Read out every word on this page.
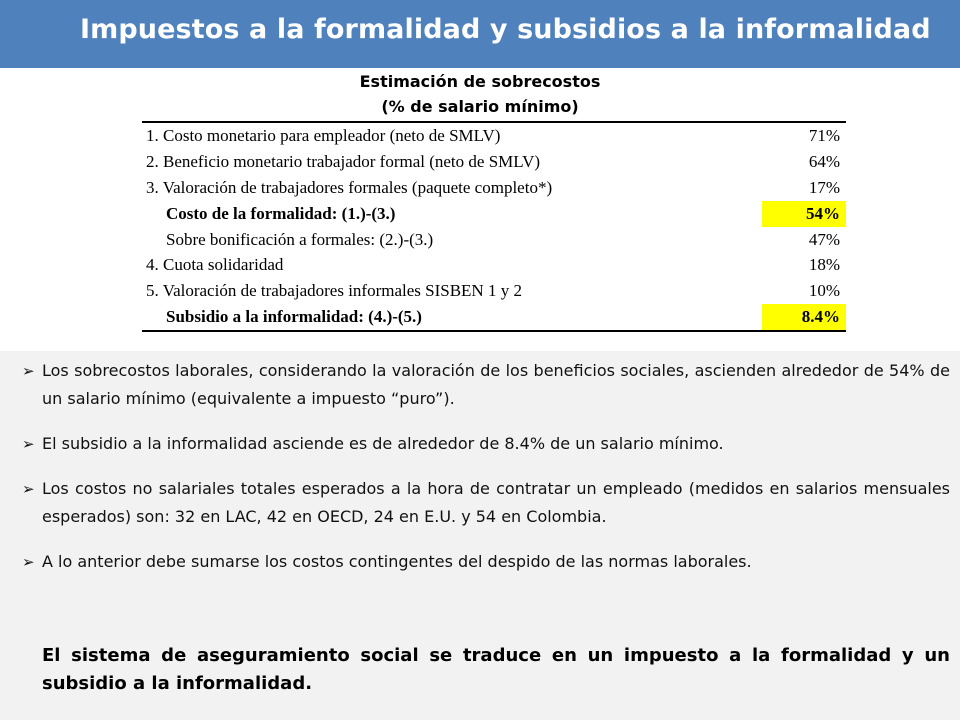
Impuestos a la formalidad y subsidios a la informalidad
Estimación de sobrecostos
(% de salario mínimo)
1. Costo monetario para empleador (neto de SMLV)	71%
2. Beneficio monetario trabajador formal (neto de SMLV)	64%
3. Valoración de trabajadores formales (paquete completo*)	17%
Costo de la formalidad: (1.)-(3.)	54%
Sobre bonificación a formales: (2.)-(3.)	47%
4. Cuota solidaridad	18%
5. Valoración de trabajadores informales SISBEN 1 y 2	10%
Subsidio a la informalidad: (4.)-(5.)	8.4%
➢ Los sobrecostos laborales, considerando la valoración de los beneficios sociales, ascienden alrededor de 54% de un salario mínimo (equivalente a impuesto “puro”).
➢ El subsidio a la informalidad asciende es de alrededor de 8.4% de un salario mínimo.
➢ Los costos no salariales totales esperados a la hora de contratar un empleado (medidos en salarios mensuales esperados) son: 32 en LAC, 42 en OECD, 24 en E.U. y 54 en Colombia.
➢ A lo anterior debe sumarse los costos contingentes del despido de las normas laborales.
El sistema de aseguramiento social se traduce en un impuesto a la formalidad y un subsidio a la informalidad.
